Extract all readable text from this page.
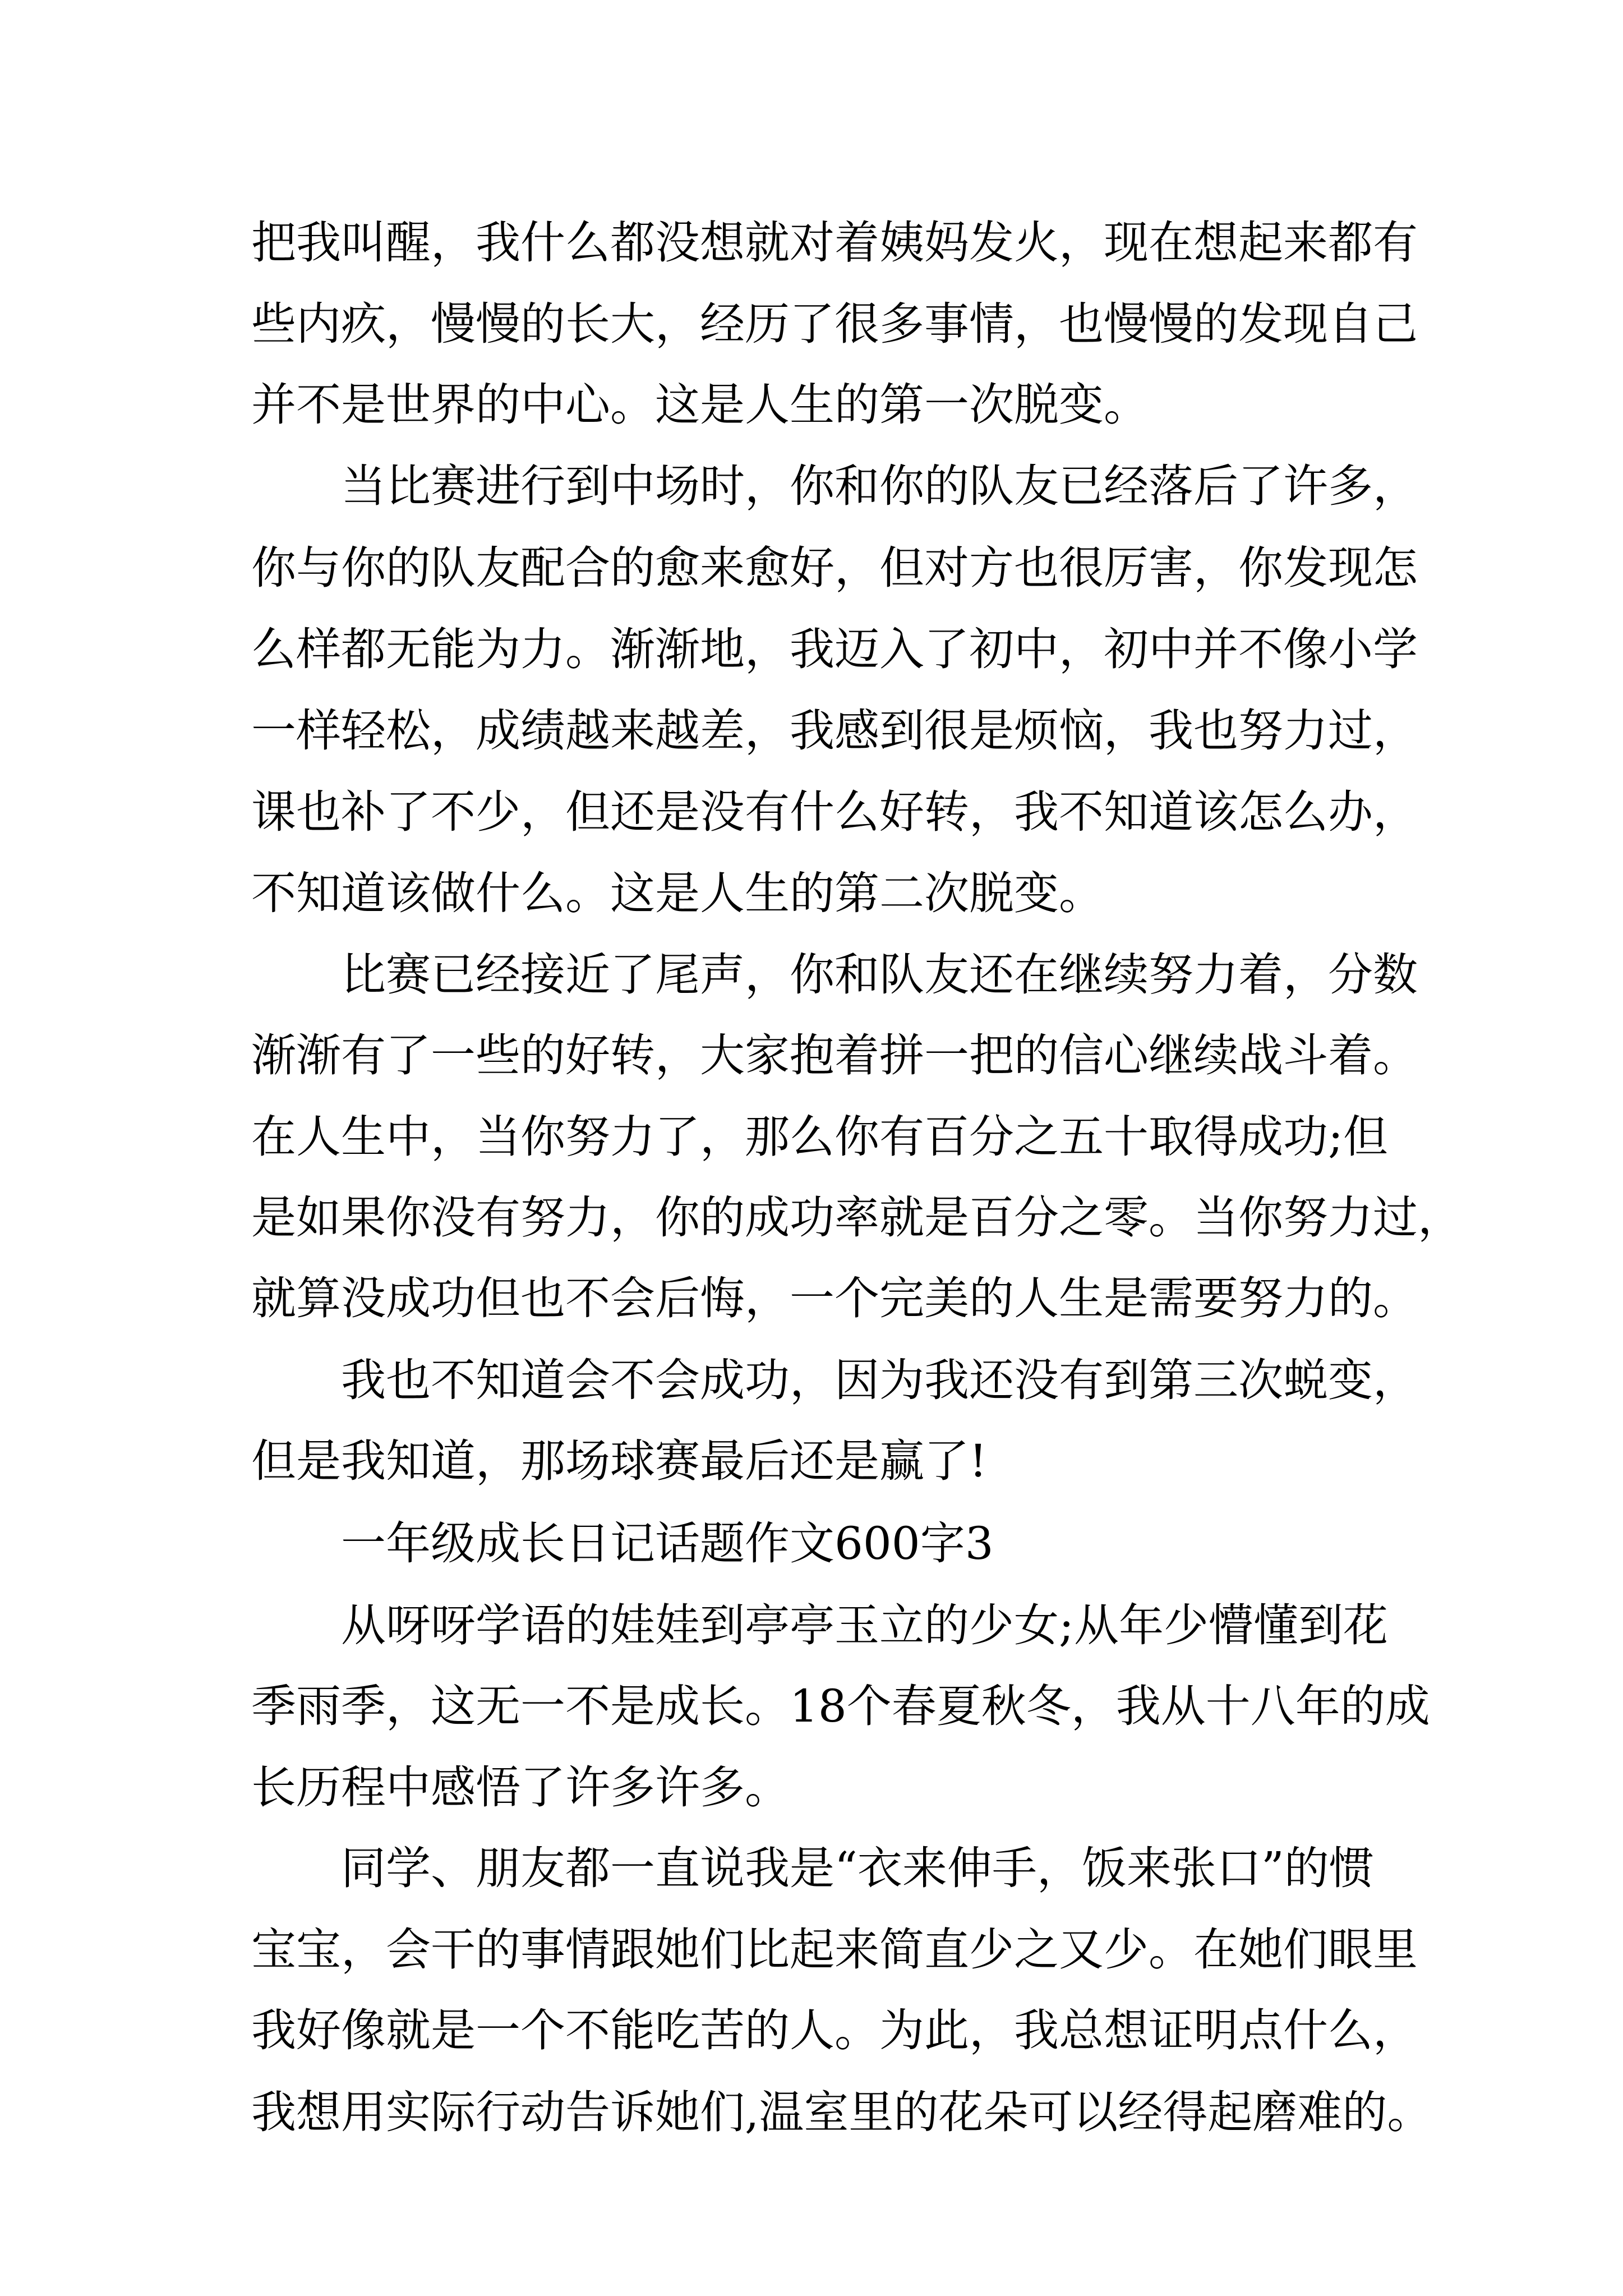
把我叫醒，我什么都没想就对着姨妈发火，现在想起来都有
些内疚，慢慢的长大，经历了很多事情，也慢慢的发现自己
并不是世界的中心。这是人生的第一次脱变。
当比赛进行到中场时，你和你的队友已经落后了许多，
你与你的队友配合的愈来愈好，但对方也很厉害，你发现怎
么样都无能为力。渐渐地，我迈入了初中，初中并不像小学
一样轻松，成绩越来越差，我感到很是烦恼，我也努力过，
课也补了不少，但还是没有什么好转，我不知道该怎么办，
不知道该做什么。这是人生的第二次脱变。
比赛已经接近了尾声，你和队友还在继续努力着，分数
渐渐有了一些的好转，大家抱着拼一把的信心继续战斗着。
在人生中，当你努力了，那么你有百分之五十取得成功;但
是如果你没有努力，你的成功率就是百分之零。当你努力过，
就算没成功但也不会后悔，一个完美的人生是需要努力的。
我也不知道会不会成功，因为我还没有到第三次蜕变，
但是我知道，那场球赛最后还是赢了!
一年级成长日记话题作文600字3
从呀呀学语的娃娃到亭亭玉立的少女;从年少懵懂到花
季雨季，这无一不是成长。18个春夏秋冬，我从十八年的成
长历程中感悟了许多许多。
同学、朋友都一直说我是“衣来伸手，饭来张口”的惯
宝宝，会干的事情跟她们比起来简直少之又少。在她们眼里
我好像就是一个不能吃苦的人。为此，我总想证明点什么，
我想用实际行动告诉她们,温室里的花朵可以经得起磨难的。
